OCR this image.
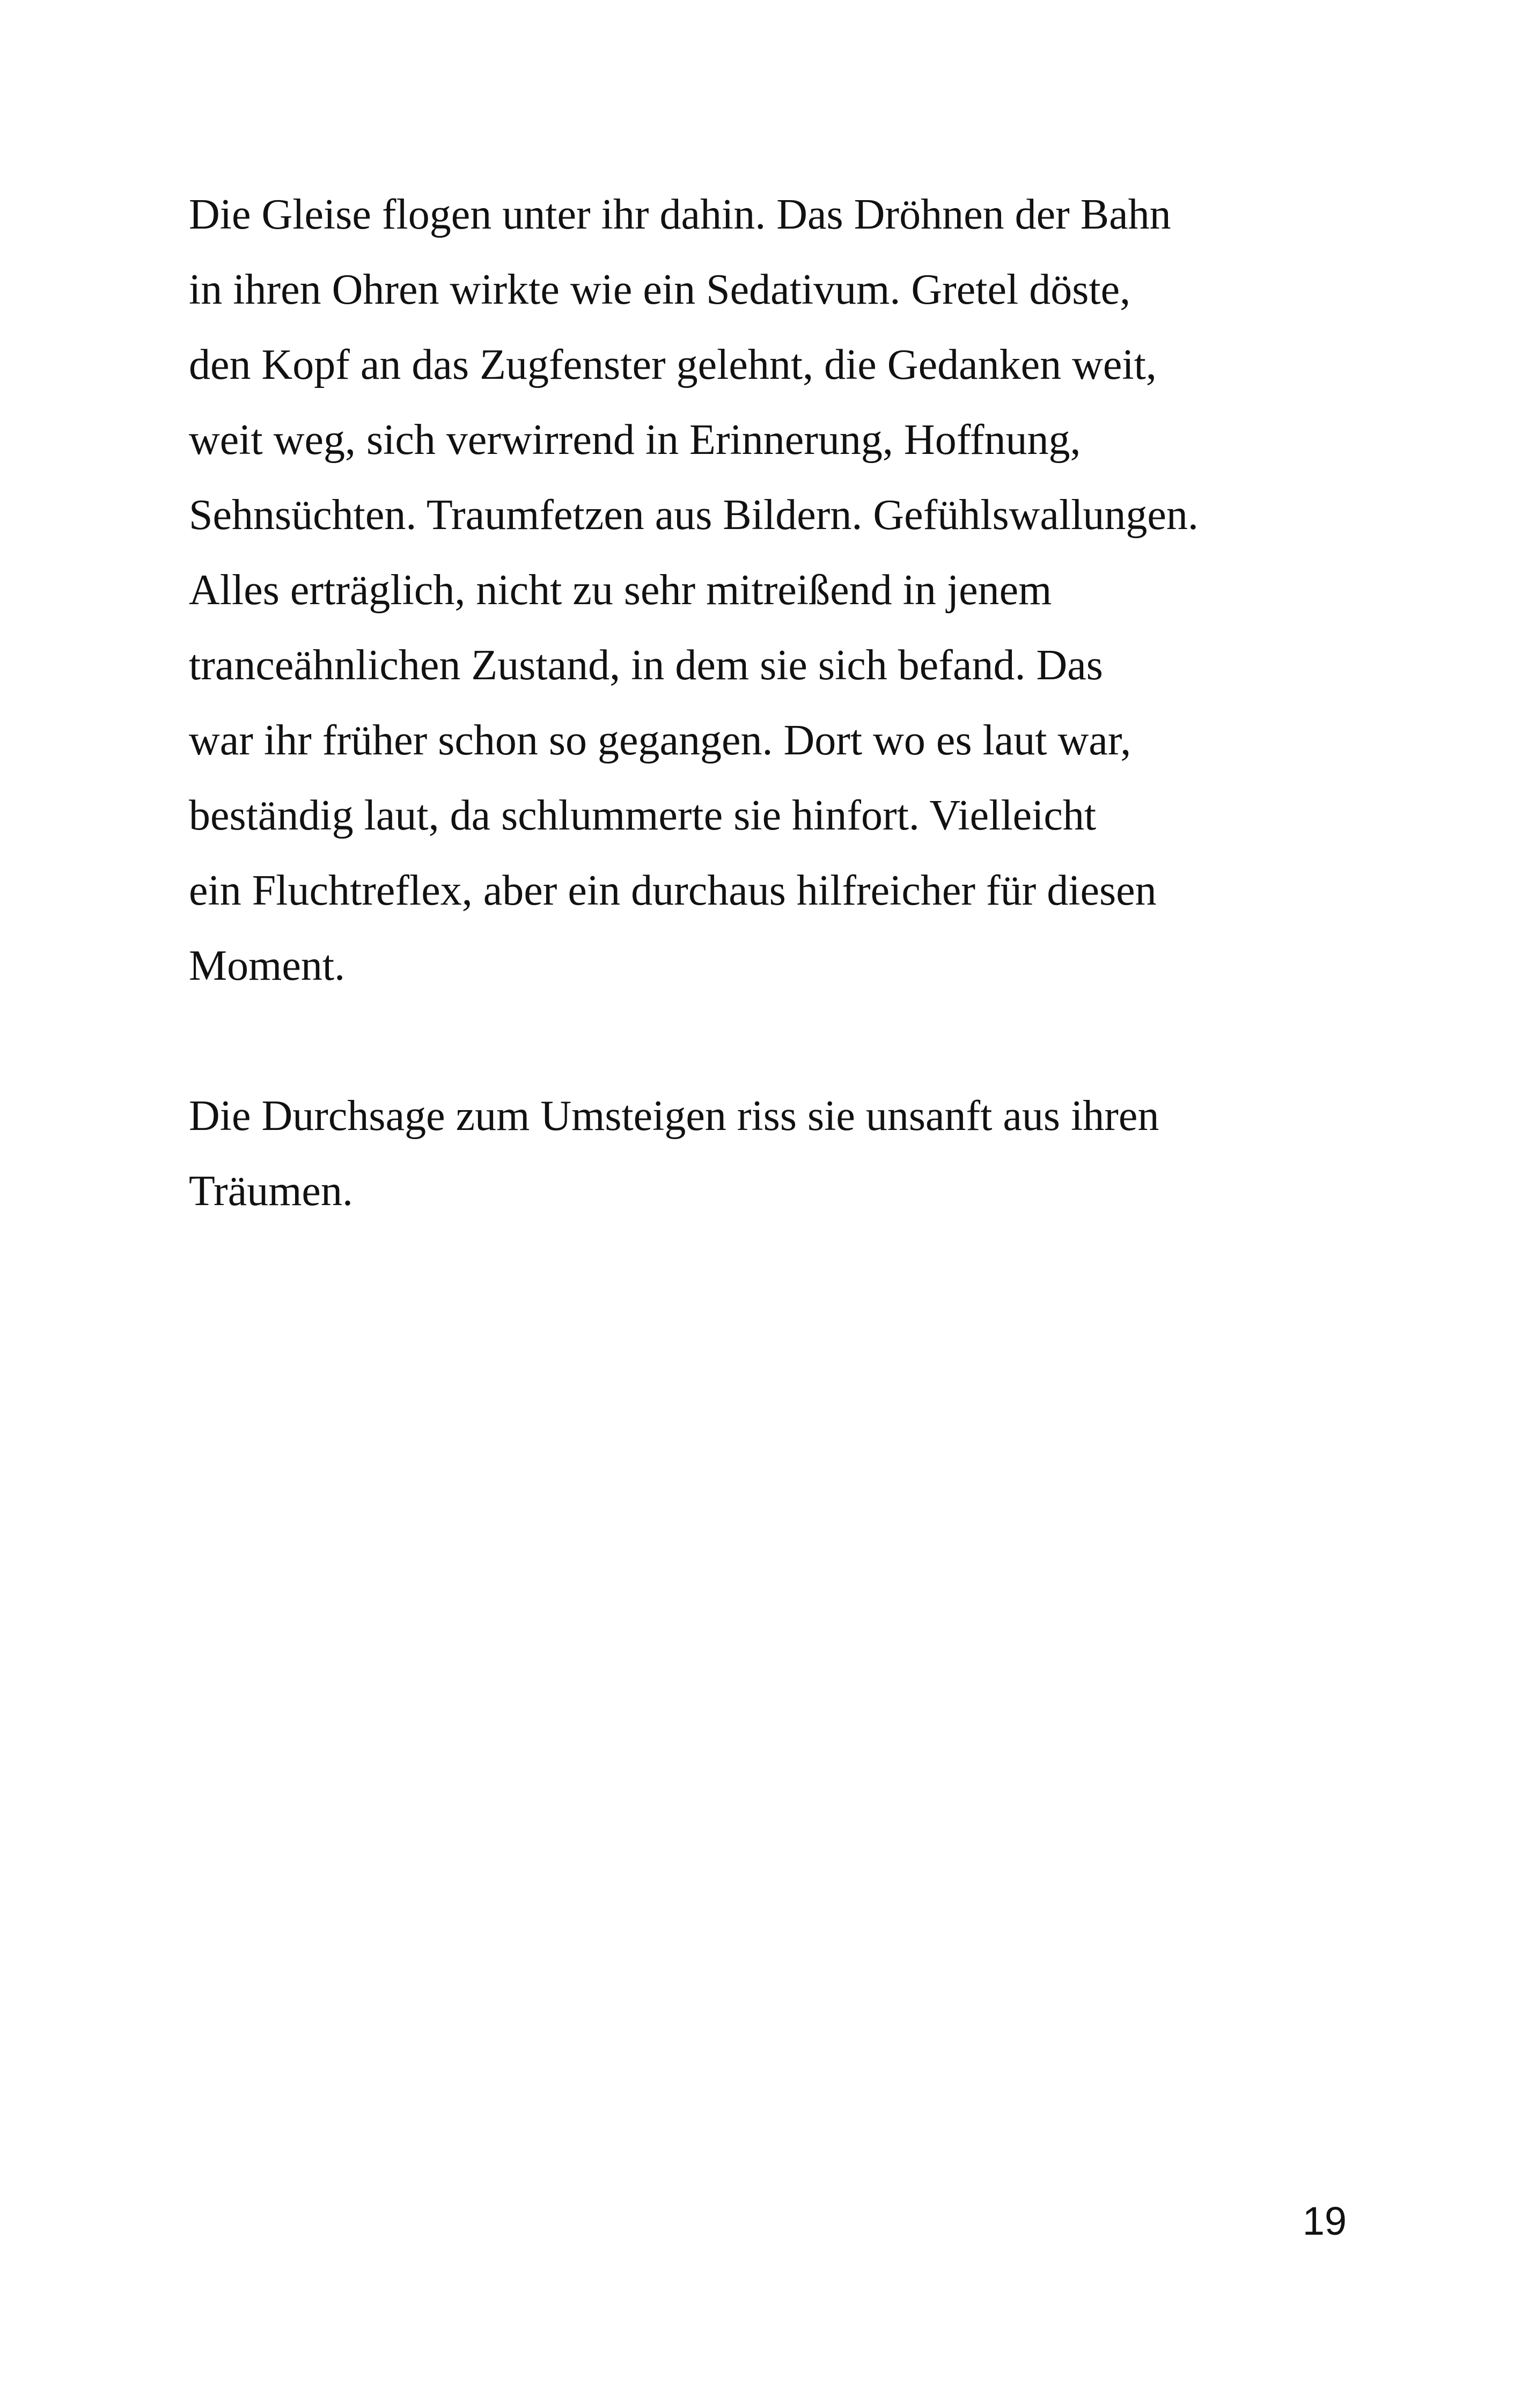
Die Gleise flogen unter ihr dahin. Das Dröhnen der Bahn
in ihren Ohren wirkte wie ein Sedativum. Gretel döste,
den Kopf an das Zugfenster gelehnt, die Gedanken weit,
weit weg, sich verwirrend in Erinnerung, Hoffnung,
Sehnsüchten. Traumfetzen aus Bildern. Gefühlswallungen.
Alles erträglich, nicht zu sehr mitreißend in jenem
tranceähnlichen Zustand, in dem sie sich befand. Das
war ihr früher schon so gegangen. Dort wo es laut war,
beständig laut, da schlummerte sie hinfort. Vielleicht
ein Fluchtreflex, aber ein durchaus hilfreicher für diesen
Moment.
Die Durchsage zum Umsteigen riss sie unsanft aus ihren
Träumen.
19
